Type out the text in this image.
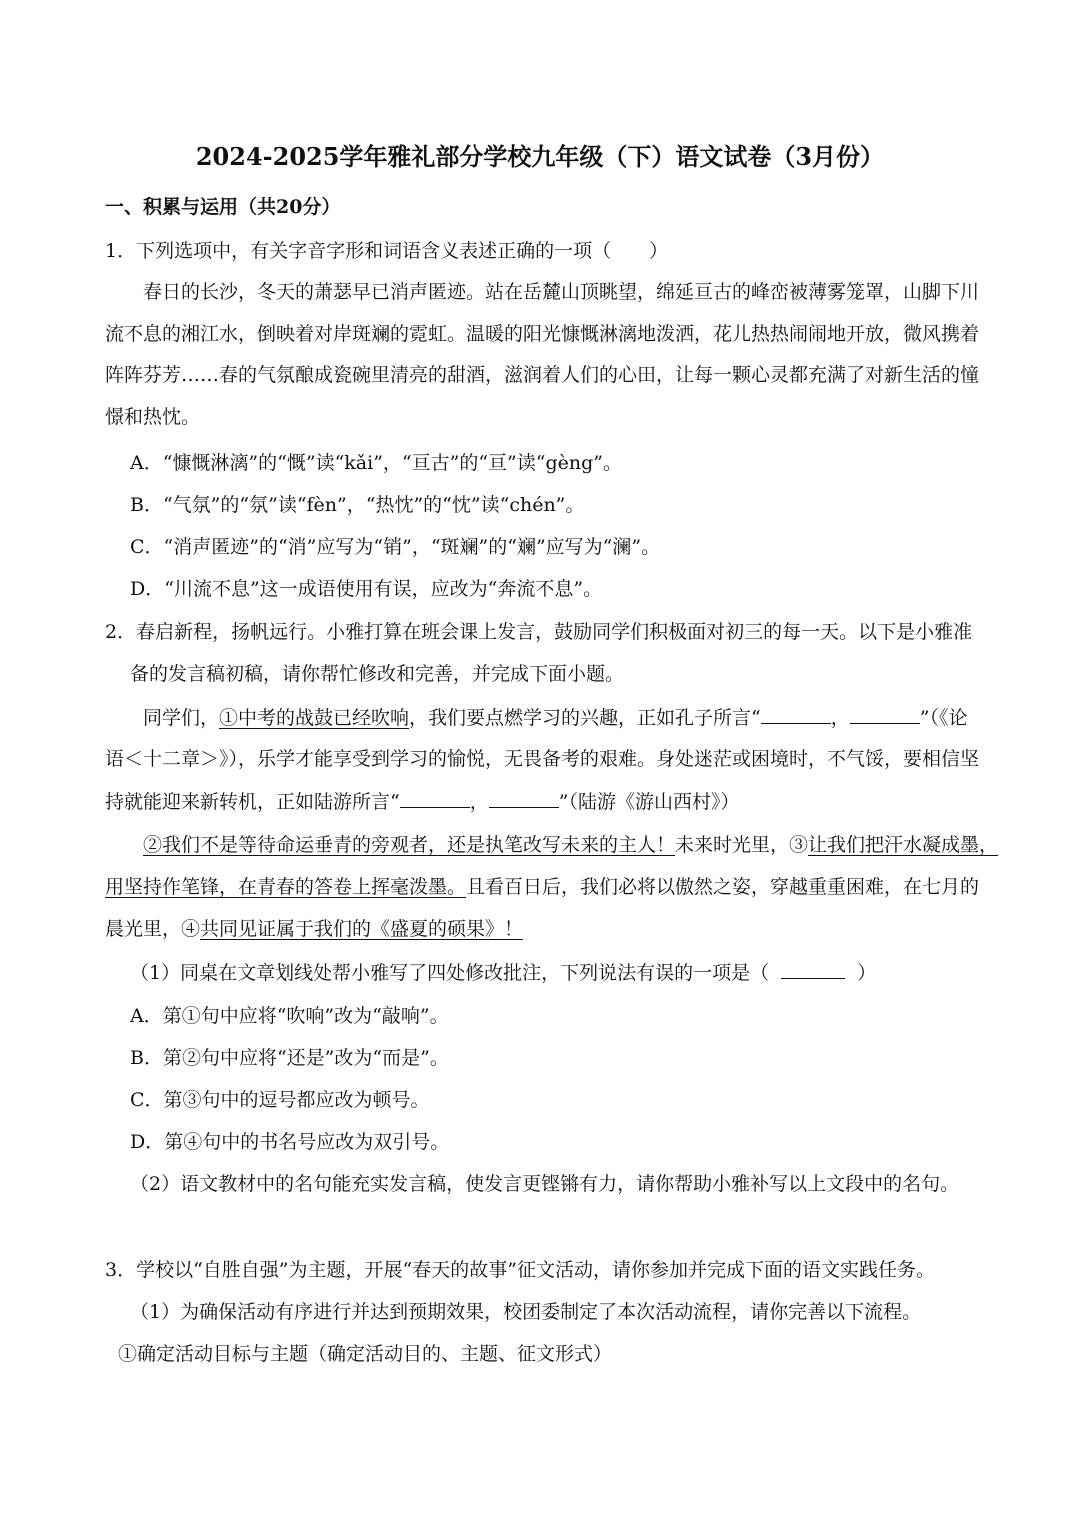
2024-2025学年雅礼部分学校九年级（下）语文试卷（3月份）
一、积累与运用（共20分）
1．下列选项中，有关字音字形和词语含义表述正确的一项（　　）
春日的长沙，冬天的萧瑟早已消声匿迹。站在岳麓山顶眺望，绵延亘古的峰峦被薄雾笼罩，山脚下川
流不息的湘江水，倒映着对岸斑斓的霓虹。温暖的阳光慷慨淋漓地泼洒，花儿热热闹闹地开放，微风携着
阵阵芬芳……春的气氛酿成瓷碗里清亮的甜酒，滋润着人们的心田，让每一颗心灵都充满了对新生活的憧
憬和热忱。
A．“慷慨淋漓”的“慨”读“kǎi”，“亘古”的“亘”读“gèng”。
B．“气氛”的“氛”读“fèn”，“热忱”的“忱”读“chén”。
C．“消声匿迹”的“消”应写为“销”，“斑斓”的“斓”应写为“澜”。
D．“川流不息”这一成语使用有误，应改为“奔流不息”。
2．春启新程，扬帆远行。小雅打算在班会课上发言，鼓励同学们积极面对初三的每一天。以下是小雅准
备的发言稿初稿，请你帮忙修改和完善，并完成下面小题。
同学们，①中考的战鼓已经吹响，我们要点燃学习的兴趣，正如孔子所言“	，	”（《论
语＜十二章＞》），乐学才能享受到学习的愉悦，无畏备考的艰难。身处迷茫或困境时，不气馁，要相信坚
持就能迎来新转机，正如陆游所言“	，	”（陆游《游山西村》）
②我们不是等待命运垂青的旁观者，还是执笔改写未来的主人！未来时光里，③让我们把汗水凝成墨，
用坚持作笔锋，在青春的答卷上挥毫泼墨。且看百日后，我们必将以傲然之姿，穿越重重困难，在七月的
晨光里，④共同见证属于我们的《盛夏的硕果》！
（1）同桌在文章划线处帮小雅写了四处修改批注，下列说法有误的一项是（	）
A．第①句中应将“吹响”改为“敲响”。
B．第②句中应将“还是”改为“而是”。
C．第③句中的逗号都应改为顿号。
D．第④句中的书名号应改为双引号。
（2）语文教材中的名句能充实发言稿，使发言更铿锵有力，请你帮助小雅补写以上文段中的名句。
3．学校以“自胜自强”为主题，开展“春天的故事”征文活动，请你参加并完成下面的语文实践任务。
（1）为确保活动有序进行并达到预期效果，校团委制定了本次活动流程，请你完善以下流程。
①确定活动目标与主题（确定活动目的、主题、征文形式）
